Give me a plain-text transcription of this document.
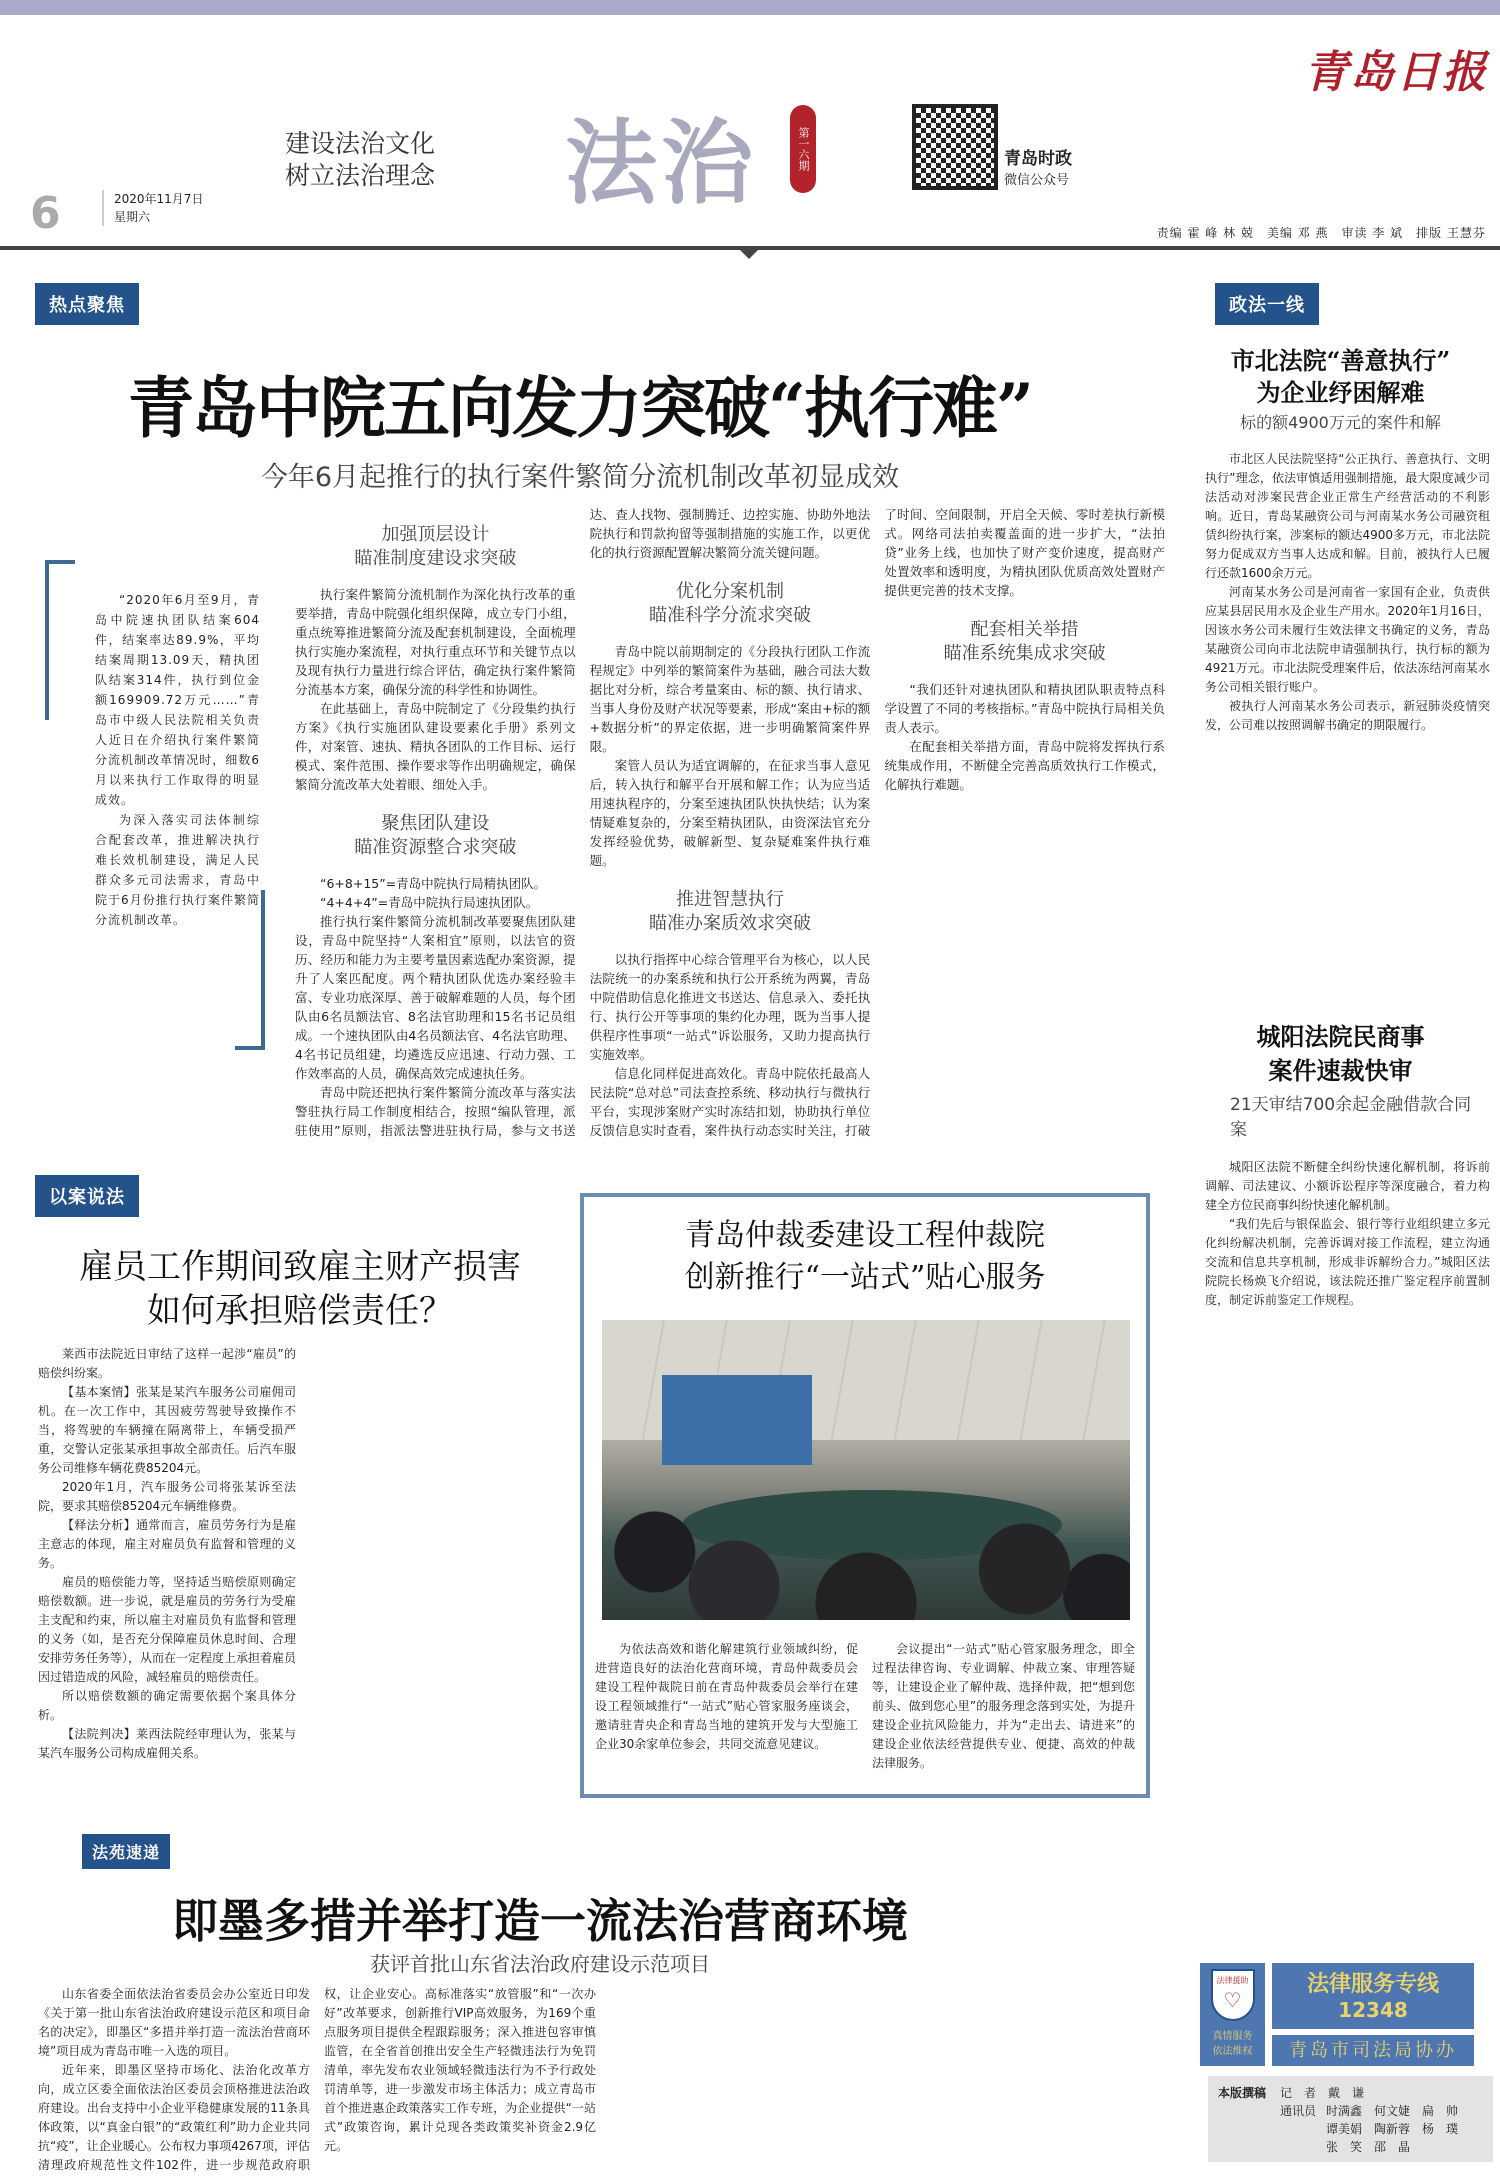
青岛日报
建设法治文化
树立法治理念 法治	第一六期	青岛时政
微信公众号
6	2020年11月7日
星期六
责编 霍 峰 林 兢　美编 邓 燕　审读 李 斌　排版 王慧芬
热点聚焦
青岛中院五向发力突破“执行难”
今年6月起推行的执行案件繁简分流机制改革初显成效

“2020年6月至9月，青岛中院速执团队结案604件，结案率达89.9%，平均结案周期13.09天，精执团队结案314件，执行到位金额169909.72万元……”青岛市中级人民法院相关负责人近日在介绍执行案件繁简分流机制改革情况时，细数6月以来执行工作取得的明显成效。

为深入落实司法体制综合配套改革，推进解决执行难长效机制建设，满足人民群众多元司法需求，青岛中院于6月份推行执行案件繁简分流机制改革。

加强顶层设计
瞄准制度建设求突破

执行案件繁简分流机制作为深化执行改革的重要举措，青岛中院强化组织保障，成立专门小组，重点统筹推进繁简分流及配套机制建设，全面梳理执行实施办案流程，对执行重点环节和关键节点以及现有执行力量进行综合评估，确定执行案件繁简分流基本方案，确保分流的科学性和协调性。

在此基础上，青岛中院制定了《分段集约执行方案》《执行实施团队建设要素化手册》系列文件，对案管、速执、精执各团队的工作目标、运行模式、案件范围、操作要求等作出明确规定，确保繁简分流改革大处着眼、细处入手。

聚焦团队建设
瞄准资源整合求突破

“6+8+15”=青岛中院执行局精执团队。

“4+4+4”=青岛中院执行局速执团队。

推行执行案件繁简分流机制改革要聚焦团队建设，青岛中院坚持“人案相宜”原则，以法官的资历、经历和能力为主要考量因素选配办案资源，提升了人案匹配度。两个精执团队优选办案经验丰富、专业功底深厚、善于破解难题的人员，每个团队由6名员额法官、8名法官助理和15名书记员组成。一个速执团队由4名员额法官、4名法官助理、4名书记员组建，均遴选反应迅速、行动力强、工作效率高的人员，确保高效完成速执任务。

青岛中院还把执行案件繁简分流改革与落实法警驻执行局工作制度相结合，按照“编队管理，派驻使用”原则，指派法警进驻执行局，参与文书送达、查人找物、强制腾迁、边控实施、协助外地法院执行和罚款拘留等强制措施的实施工作，以更优化的执行资源配置解决繁简分流关键问题。

优化分案机制
瞄准科学分流求突破

青岛中院以前期制定的《分段执行团队工作流程规定》中列举的繁简案件为基础，融合司法大数据比对分析，综合考量案由、标的额、执行请求、当事人身份及财产状况等要素，形成“案由+标的额+数据分析”的界定依据，进一步明确繁简案件界限。

案管人员认为适宜调解的，在征求当事人意见后，转入执行和解平台开展和解工作；认为应当适用速执程序的，分案至速执团队快执快结；认为案情疑难复杂的，分案至精执团队，由资深法官充分发挥经验优势，破解新型、复杂疑难案件执行难题。

推进智慧执行
瞄准办案质效求突破

以执行指挥中心综合管理平台为核心，以人民法院统一的办案系统和执行公开系统为两翼，青岛中院借助信息化推进文书送达、信息录入、委托执行、执行公开等事项的集约化办理，既为当事人提供程序性事项“一站式”诉讼服务，又助力提高执行实施效率。

信息化同样促进高效化。青岛中院依托最高人民法院“总对总”司法查控系统、移动执行与微执行平台，实现涉案财产实时冻结扣划，协助执行单位反馈信息实时查看，案件执行动态实时关注，打破了时间、空间限制，开启全天候、零时差执行新模式。网络司法拍卖覆盖面的进一步扩大，“法拍贷”业务上线，也加快了财产变价速度，提高财产处置效率和透明度，为精执团队优质高效处置财产提供更完善的技术支撑。

配套相关举措
瞄准系统集成求突破

“我们还针对速执团队和精执团队职责特点科学设置了不同的考核指标。”青岛中院执行局相关负责人表示。

在配套相关举措方面，青岛中院将发挥执行系统集成作用，不断健全完善高质效执行工作模式，化解执行难题。

以案说法
雇员工作期间致雇主财产损害
如何承担赔偿责任？

莱西市法院近日审结了这样一起涉“雇员”的赔偿纠纷案。

【基本案情】张某是某汽车服务公司雇佣司机。在一次工作中，其因疲劳驾驶导致操作不当，将驾驶的车辆撞在隔离带上，车辆受损严重，交警认定张某承担事故全部责任。后汽车服务公司维修车辆花费85204元。

2020年1月，汽车服务公司将张某诉至法院，要求其赔偿85204元车辆维修费。

【释法分析】通常而言，雇员劳务行为是雇主意志的体现，雇主对雇员负有监督和管理的义务。

雇员的赔偿能力等，坚持适当赔偿原则确定赔偿数额。进一步说，就是雇员的劳务行为受雇主支配和约束，所以雇主对雇员负有监督和管理的义务（如，是否充分保障雇员休息时间、合理安排劳务任务等），从而在一定程度上承担着雇员因过错造成的风险，减轻雇员的赔偿责任。

所以赔偿数额的确定需要依据个案具体分析。

【法院判决】莱西法院经审理认为，张某与某汽车服务公司构成雇佣关系。

青岛仲裁委建设工程仲裁院
创新推行“一站式”贴心服务

为依法高效和谐化解建筑行业领域纠纷，促进营造良好的法治化营商环境，青岛仲裁委员会建设工程仲裁院日前在青岛仲裁委员会举行在建设工程领域推行“一站式”贴心管家服务座谈会，邀请驻青央企和青岛当地的建筑开发与大型施工企业30余家单位参会，共同交流意见建议。

会议提出“一站式”贴心管家服务理念，即全过程法律咨询、专业调解、仲裁立案、审理答疑等，让建设企业了解仲裁、选择仲裁，把“想到您前头、做到您心里”的服务理念落到实处，为提升建设企业抗风险能力，并为“走出去、请进来”的建设企业依法经营提供专业、便捷、高效的仲裁法律服务。

政法一线
市北法院“善意执行”
为企业纾困解难
标的额4900万元的案件和解

市北区人民法院坚持“公正执行、善意执行、文明执行”理念，依法审慎适用强制措施，最大限度减少司法活动对涉案民营企业正常生产经营活动的不利影响。近日，青岛某融资公司与河南某水务公司融资租赁纠纷执行案，涉案标的额达4900多万元，市北法院努力促成双方当事人达成和解。目前，被执行人已履行还款1600余万元。

河南某水务公司是河南省一家国有企业，负责供应某县居民用水及企业生产用水。2020年1月16日，因该水务公司未履行生效法律文书确定的义务，青岛某融资公司向市北法院申请强制执行，执行标的额为4921万元。市北法院受理案件后，依法冻结河南某水务公司相关银行账户。

被执行人河南某水务公司表示，新冠肺炎疫情突发，公司难以按照调解书确定的期限履行。

城阳法院民商事
案件速裁快审
21天审结700余起金融借款合同案

城阳区法院不断健全纠纷快速化解机制，将诉前调解、司法建议、小额诉讼程序等深度融合，着力构建全方位民商事纠纷快速化解机制。

“我们先后与银保监会、银行等行业组织建立多元化纠纷解决机制，完善诉调对接工作流程，建立沟通交流和信息共享机制，形成非诉解纷合力。”城阳区法院院长杨焕飞介绍说，该法院还推广鉴定程序前置制度，制定诉前鉴定工作规程。

法律援助
♡
真情服务
依法维权
法律服务专线
12348
青岛市司法局协办
本版撰稿 记　者　 戴　谦
通讯员 时满鑫　何文婕　扁　帅
谭美娟　陶新蓉　杨　璞
张　笑　邵　晶
法苑速递
即墨多措并举打造一流法治营商环境
获评首批山东省法治政府建设示范项目

山东省委全面依法治省委员会办公室近日印发《关于第一批山东省法治政府建设示范区和项目命名的决定》，即墨区“多措并举打造一流法治营商环境”项目成为青岛市唯一入选的项目。

近年来，即墨区坚持市场化、法治化改革方向，成立区委全面依法治区委员会顶格推进法治政府建设。出台支持中小企业平稳健康发展的11条具体政策，以“真金白银”的“政策红利”助力企业共同抗“疫”，让企业暖心。公布权力事项4267项，评估清理政府规范性文件102件，进一步规范政府职权，让企业安心。高标准落实“放管服”和“一次办好”改革要求，创新推行VIP高效服务，为169个重点服务项目提供全程跟踪服务；深入推进包容审慎监管，在全省首创推出安全生产轻微违法行为免罚清单，率先发布农业领域轻微违法行为不予行政处罚清单等，进一步激发市场主体活力；成立青岛市首个推进惠企政策落实工作专班，为企业提供“一站式”政策咨询，累计兑现各类政策奖补资金2.9亿元。
